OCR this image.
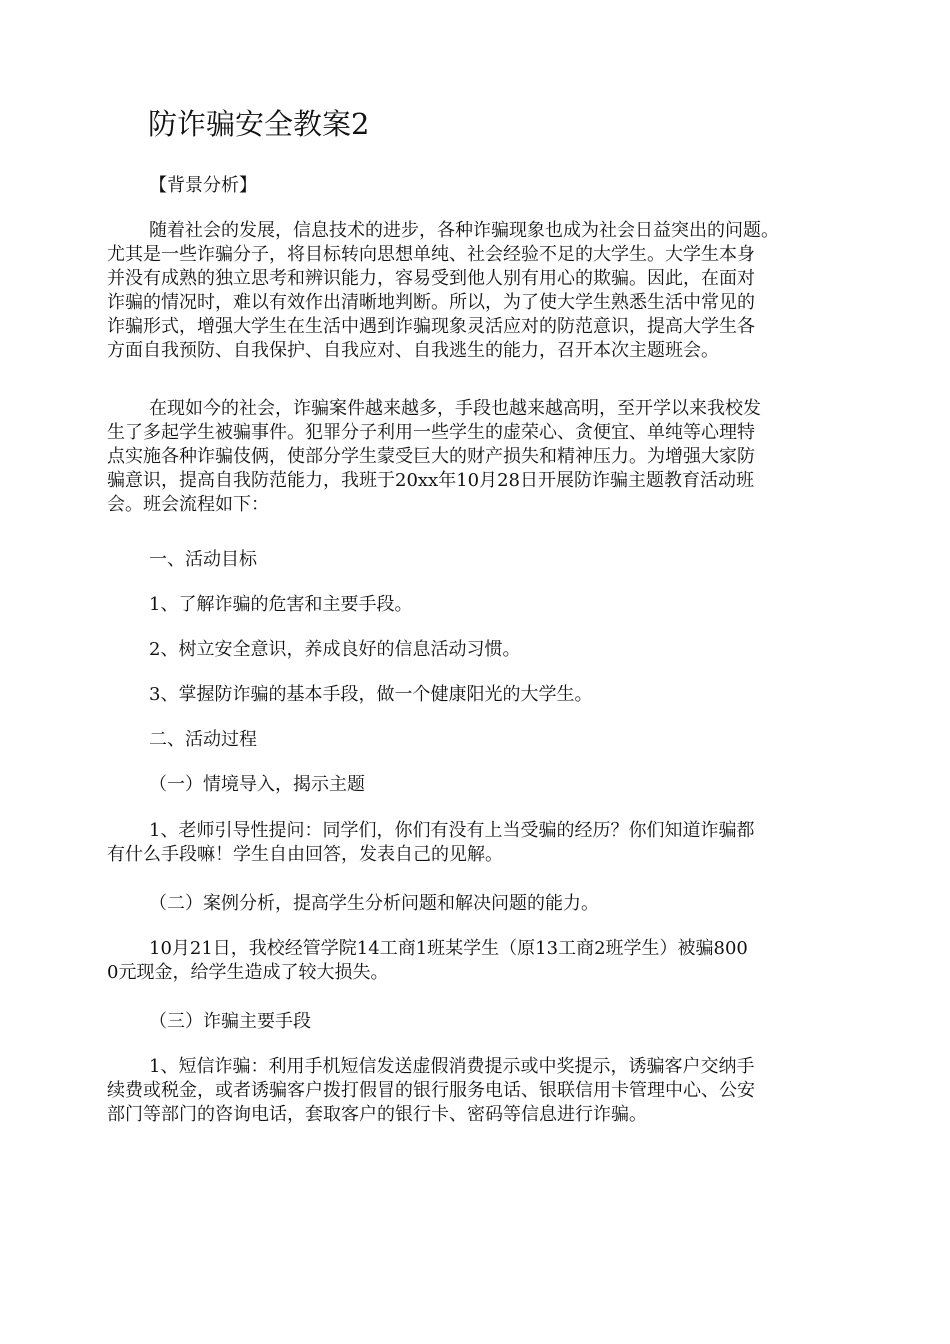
防诈骗安全教案2
【背景分析】
随着社会的发展，信息技术的进步，各种诈骗现象也成为社会日益突出的问题。
尤其是一些诈骗分子，将目标转向思想单纯、社会经验不足的大学生。大学生本身
并没有成熟的独立思考和辨识能力，容易受到他人别有用心的欺骗。因此，在面对
诈骗的情况时，难以有效作出清晰地判断。所以，为了使大学生熟悉生活中常见的
诈骗形式，增强大学生在生活中遇到诈骗现象灵活应对的防范意识，提高大学生各
方面自我预防、自我保护、自我应对、自我逃生的能力，召开本次主题班会。
在现如今的社会，诈骗案件越来越多，手段也越来越高明，至开学以来我校发
生了多起学生被骗事件。犯罪分子利用一些学生的虚荣心、贪便宜、单纯等心理特
点实施各种诈骗伎俩，使部分学生蒙受巨大的财产损失和精神压力。为增强大家防
骗意识，提高自我防范能力，我班于20xx年10月28日开展防诈骗主题教育活动班
会。班会流程如下：
一、活动目标
1、了解诈骗的危害和主要手段。
2、树立安全意识，养成良好的信息活动习惯。
3、掌握防诈骗的基本手段，做一个健康阳光的大学生。
二、活动过程
（一）情境导入，揭示主题
1、老师引导性提问：同学们，你们有没有上当受骗的经历？你们知道诈骗都
有什么手段嘛！学生自由回答，发表自己的见解。
（二）案例分析，提高学生分析问题和解决问题的能力。
10月21日，我校经管学院14工商1班某学生（原13工商2班学生）被骗800
0元现金，给学生造成了较大损失。
（三）诈骗主要手段
1、短信诈骗：利用手机短信发送虚假消费提示或中奖提示，诱骗客户交纳手
续费或税金，或者诱骗客户拨打假冒的银行服务电话、银联信用卡管理中心、公安
部门等部门的咨询电话，套取客户的银行卡、密码等信息进行诈骗。
